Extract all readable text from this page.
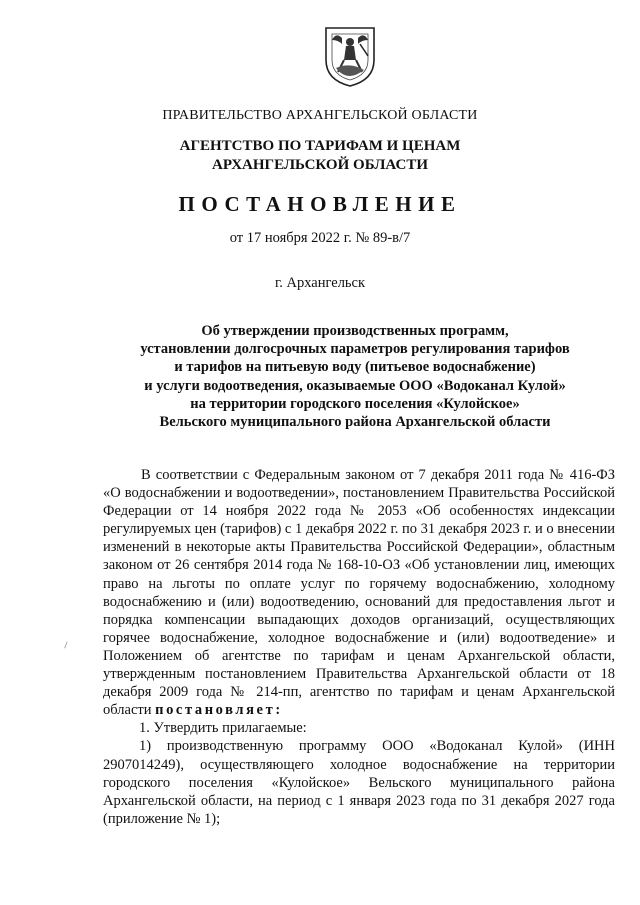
ПРАВИТЕЛЬСТВО АРХАНГЕЛЬСКОЙ ОБЛАСТИ
АГЕНТСТВО ПО ТАРИФАМ И ЦЕНАМ
АРХАНГЕЛЬСКОЙ ОБЛАСТИ
ПОСТАНОВЛЕНИЕ
от 17 ноября 2022 г. № 89-в/7
г. Архангельск
Об утверждении производственных программ,
установлении долгосрочных параметров регулирования тарифов
и тарифов на питьевую воду (питьевое водоснабжение)
и услуги водоотведения, оказываемые ООО «Водоканал Кулой»
на территории городского поселения «Кулойское»
Вельского муниципального района Архангельской области
\

В соответствии с Федеральным законом от 7 декабря 2011 года № 416-ФЗ «О водоснабжении и водоотведении», постановлением Правительства Российской Федерации от 14 ноября 2022 года № 2053 «Об особенностях индексации регулируемых цен (тарифов) с 1 декабря 2022 г. по 31 декабря 2023 г. и о внесении изменений в некоторые акты Правительства Российской Федерации», областным законом от 26 сентября 2014 года № 168-10-ОЗ «Об установлении лиц, имеющих право на льготы по оплате услуг по горячему водоснабжению, холодному водоснабжению и (или) водоотведению, оснований для предоставления льгот и порядка компенсации выпадающих доходов организаций, осуществляющих горячее водоснабжение, холодное водоснабжение и (или) водоотведение» и Положением об агентстве по тарифам и ценам Архангельской области, утвержденным постановлением Правительства Архангельской области от 18 декабря 2009 года № 214-пп, агентство по тарифам и ценам Архангельской области постановляет:

1. Утвердить прилагаемые:

1) производственную программу ООО «Водоканал Кулой» (ИНН 2907014249), осуществляющего холодное водоснабжение на территории городского поселения «Кулойское» Вельского муниципального района Архангельской области, на период с 1 января 2023 года по 31 декабря 2027 года (приложение № 1);
